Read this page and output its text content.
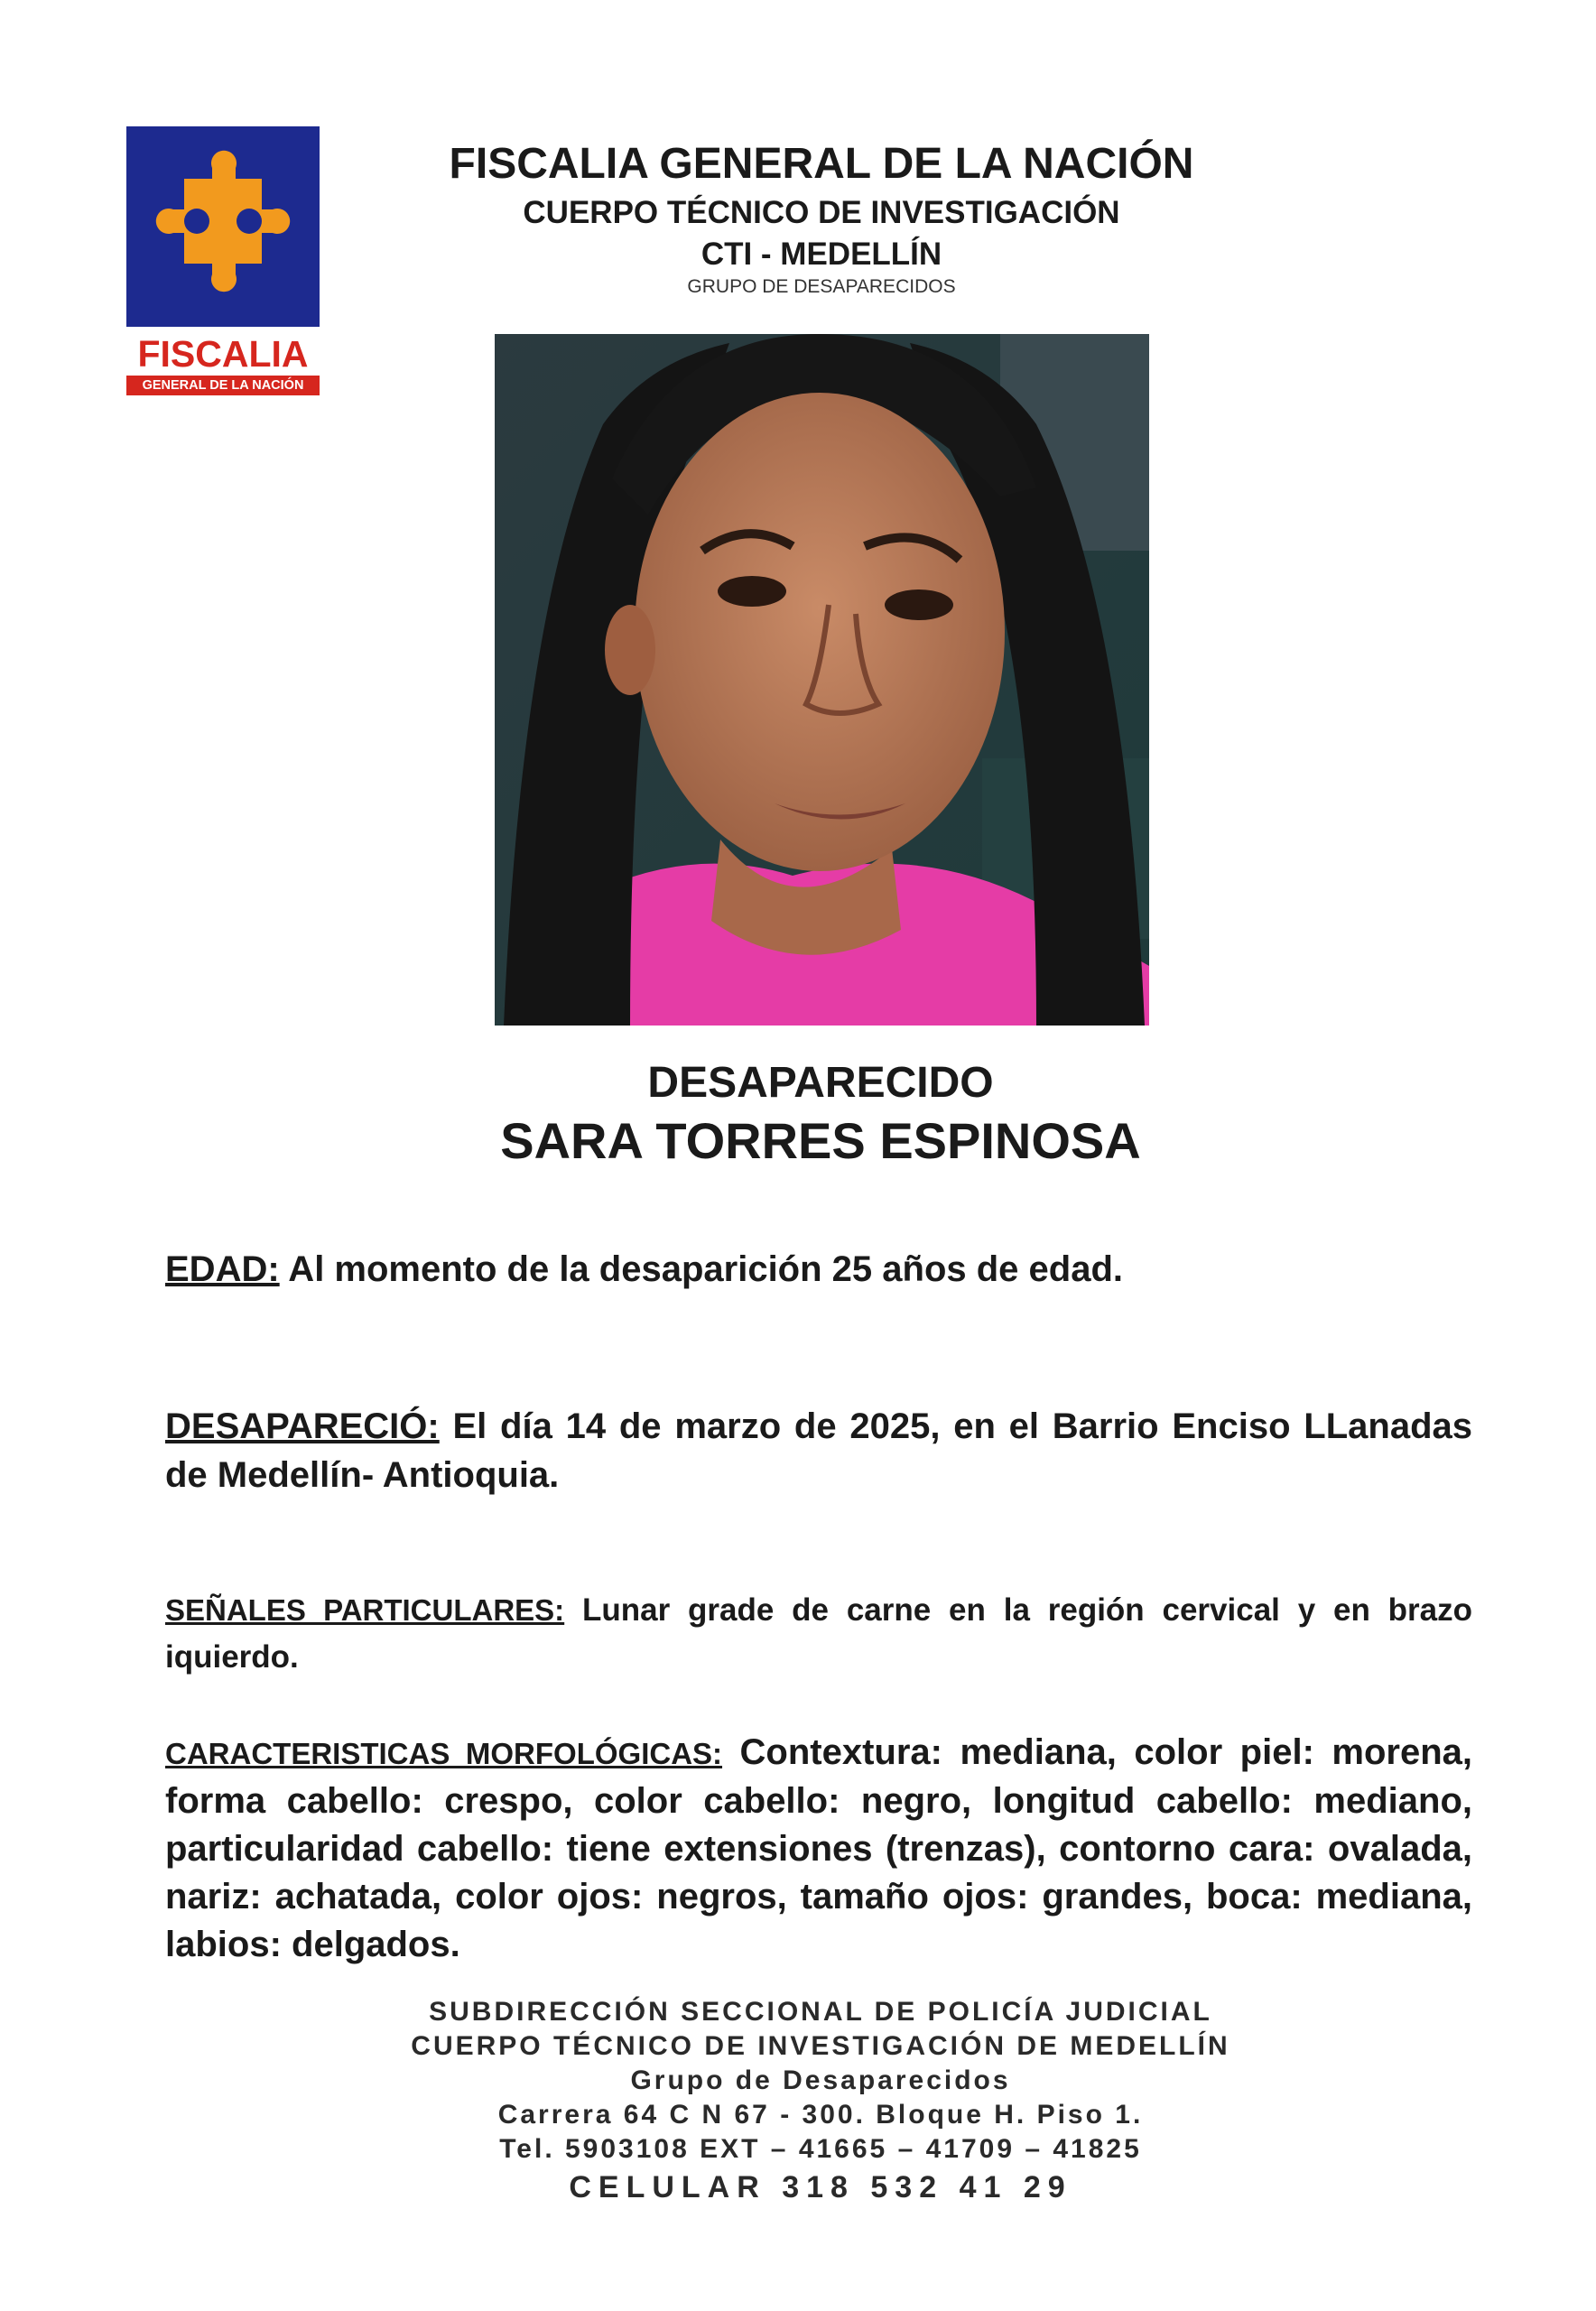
FISCALIA
GENERAL DE LA NACIÓN
FISCALIA GENERAL DE LA NACIÓN
CUERPO TÉCNICO DE INVESTIGACIÓN
CTI - MEDELLÍN
GRUPO DE DESAPARECIDOS
DESAPARECIDO
SARA TORRES ESPINOSA
EDAD: Al momento de la desaparición 25 años de edad.
DESAPARECIÓ: El día 14 de marzo de 2025, en el Barrio Enciso LLanadas de Medellín- Antioquia.
SEÑALES PARTICULARES: Lunar grade de carne en la región cervical y en brazo iquierdo.
CARACTERISTICAS MORFOLÓGICAS: Contextura: mediana, color piel: morena, forma cabello: crespo, color cabello: negro, longitud cabello: mediano, particularidad cabello: tiene extensiones (trenzas), contorno cara: ovalada, nariz: achatada, color ojos: negros, tamaño ojos: grandes, boca: mediana, labios: delgados.
SUBDIRECCIÓN SECCIONAL DE POLICÍA JUDICIAL
CUERPO TÉCNICO DE INVESTIGACIÓN DE MEDELLÍN
Grupo de Desaparecidos
Carrera 64 C N 67 - 300. Bloque H. Piso 1.
Tel. 5903108 EXT – 41665 – 41709 – 41825
CELULAR 318 532 41 29
